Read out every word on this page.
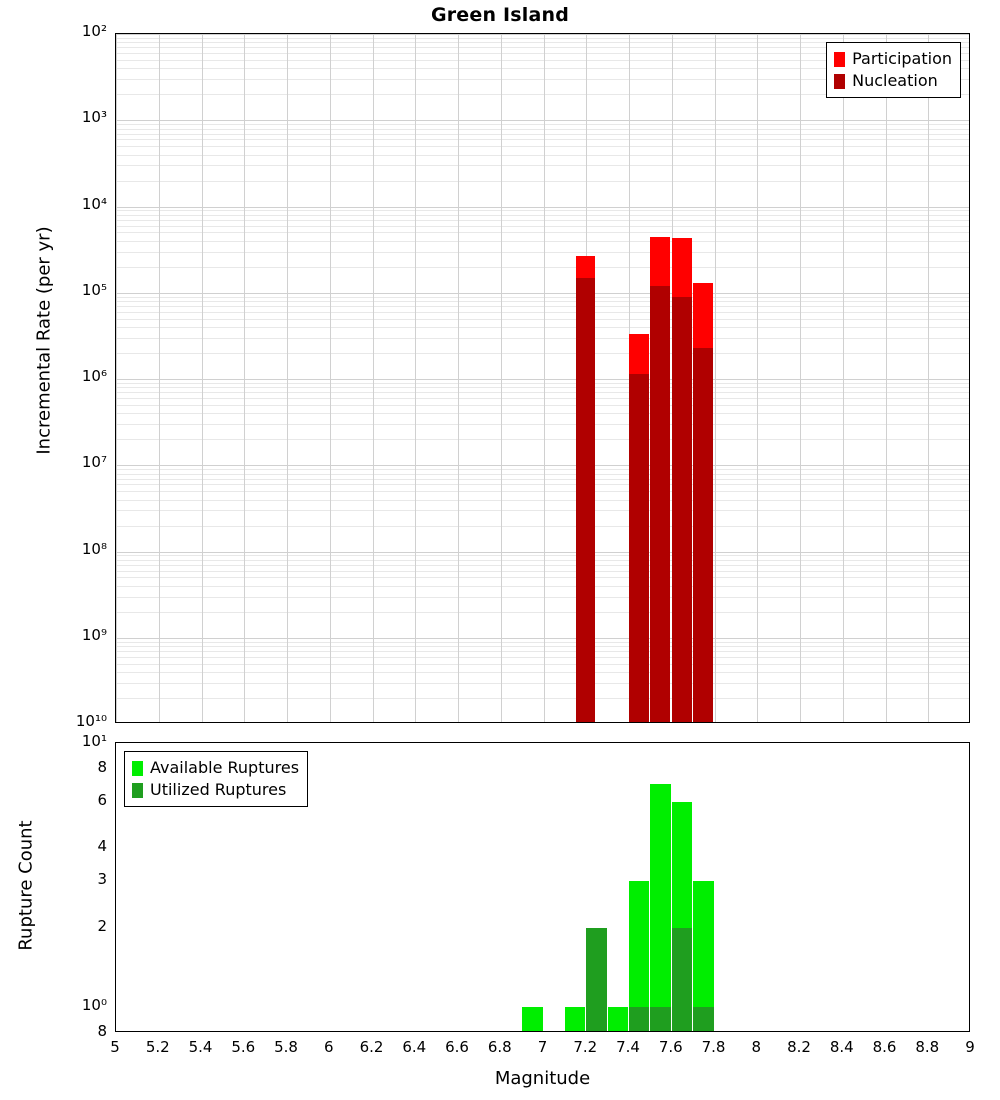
Green Island
Participation
Nucleation
Available Ruptures
Utilized Ruptures
10²
10³
10⁴
10⁵
10⁶
10⁷
10⁸
10⁹
10¹⁰
10¹
8
6
4
3
2
10⁰
8
5	5.2	5.4	5.6	5.8	6	6.2	6.4	6.6	6.8	7	7.2	7.4	7.6	7.8	8	8.2	8.4	8.6	8.8	9
Incremental Rate (per yr)
Rupture Count
Magnitude
